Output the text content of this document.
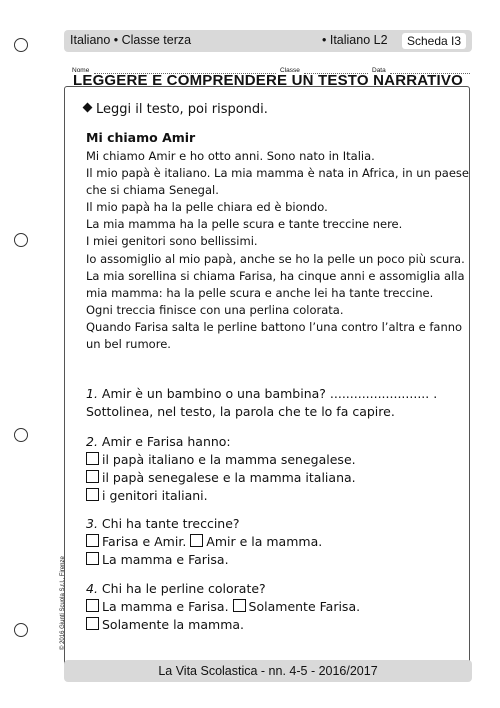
Italiano • Classe terza	• Italiano L2	Scheda I3
Nome	Classe	Data
LEGGERE E COMPRENDERE UN TESTO NARRATIVO
Leggi il testo, poi rispondi.
Mi chiamo Amir
Mi chiamo Amir e ho otto anni. Sono nato in Italia.
Il mio papà è italiano. La mia mamma è nata in Africa, in un paese
che si chiama Senegal.
Il mio papà ha la pelle chiara ed è biondo.
La mia mamma ha la pelle scura e tante treccine nere.
I miei genitori sono bellissimi.
Io assomiglio al mio papà, anche se ho la pelle un poco più scura.
La mia sorellina si chiama Farisa, ha cinque anni e assomiglia alla
mia mamma: ha la pelle scura e anche lei ha tante treccine.
Ogni treccia finisce con una perlina colorata.
Quando Farisa salta le perline battono l’una contro l’altra e fanno
un bel rumore.
1. Amir è un bambino o una bambina? ......................... .
Sottolinea, nel testo, la parola che te lo fa capire.
2. Amir e Farisa hanno:
il papà italiano e la mamma senegalese.
il papà senegalese e la mamma italiana.
i genitori italiani.
3. Chi ha tante treccine?
Farisa e Amir. Amir e la mamma.
La mamma e Farisa.
4. Chi ha le perline colorate?
La mamma e Farisa. Solamente Farisa.
Solamente la mamma.
© 2016 Giunti Scuola S.r.l., Firenze
La Vita Scolastica - nn. 4-5 - 2016/2017
